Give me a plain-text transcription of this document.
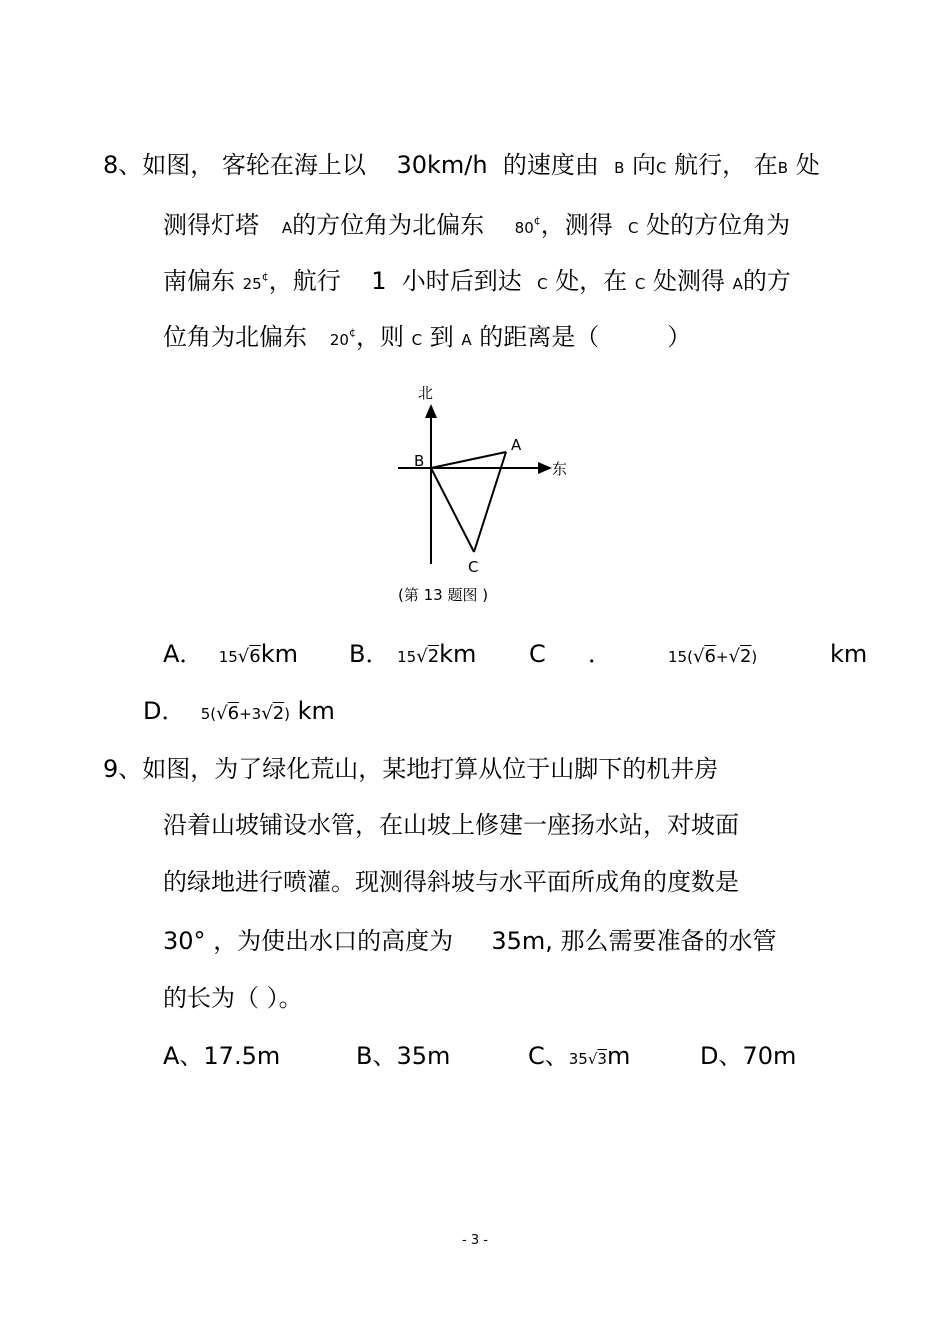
8、如图， 客轮在海上以 30km/h 的速度由 B 向C 航行， 在B 处
测得灯塔 A的方位角为北偏东 80¢，测得 C 处的方位角为
南偏东 25¢，航行 1 小时后到达 C 处，在 C 处测得 A的方
位角为北偏东 20¢，则 C 到 A 的距离是（	）
北
东
A
B
C
(第 13 题图 )
A． 15√6km B． 15√2km C ．	15(√6+√2)	km
D． 5(√6+3√2) km
9、如图，为了绿化荒山，某地打算从位于山脚下的机井房
沿着山坡铺设水管，在山坡上修建一座扬水站，对坡面
的绿地进行喷灌。现测得斜坡与水平面所成角的度数是
30° ，为使出水口的高度为 35m, 那么需要准备的水管
的长为（ ）。
A、17.5m	B、35m	C、35√3m	D、70m
- 3 -
